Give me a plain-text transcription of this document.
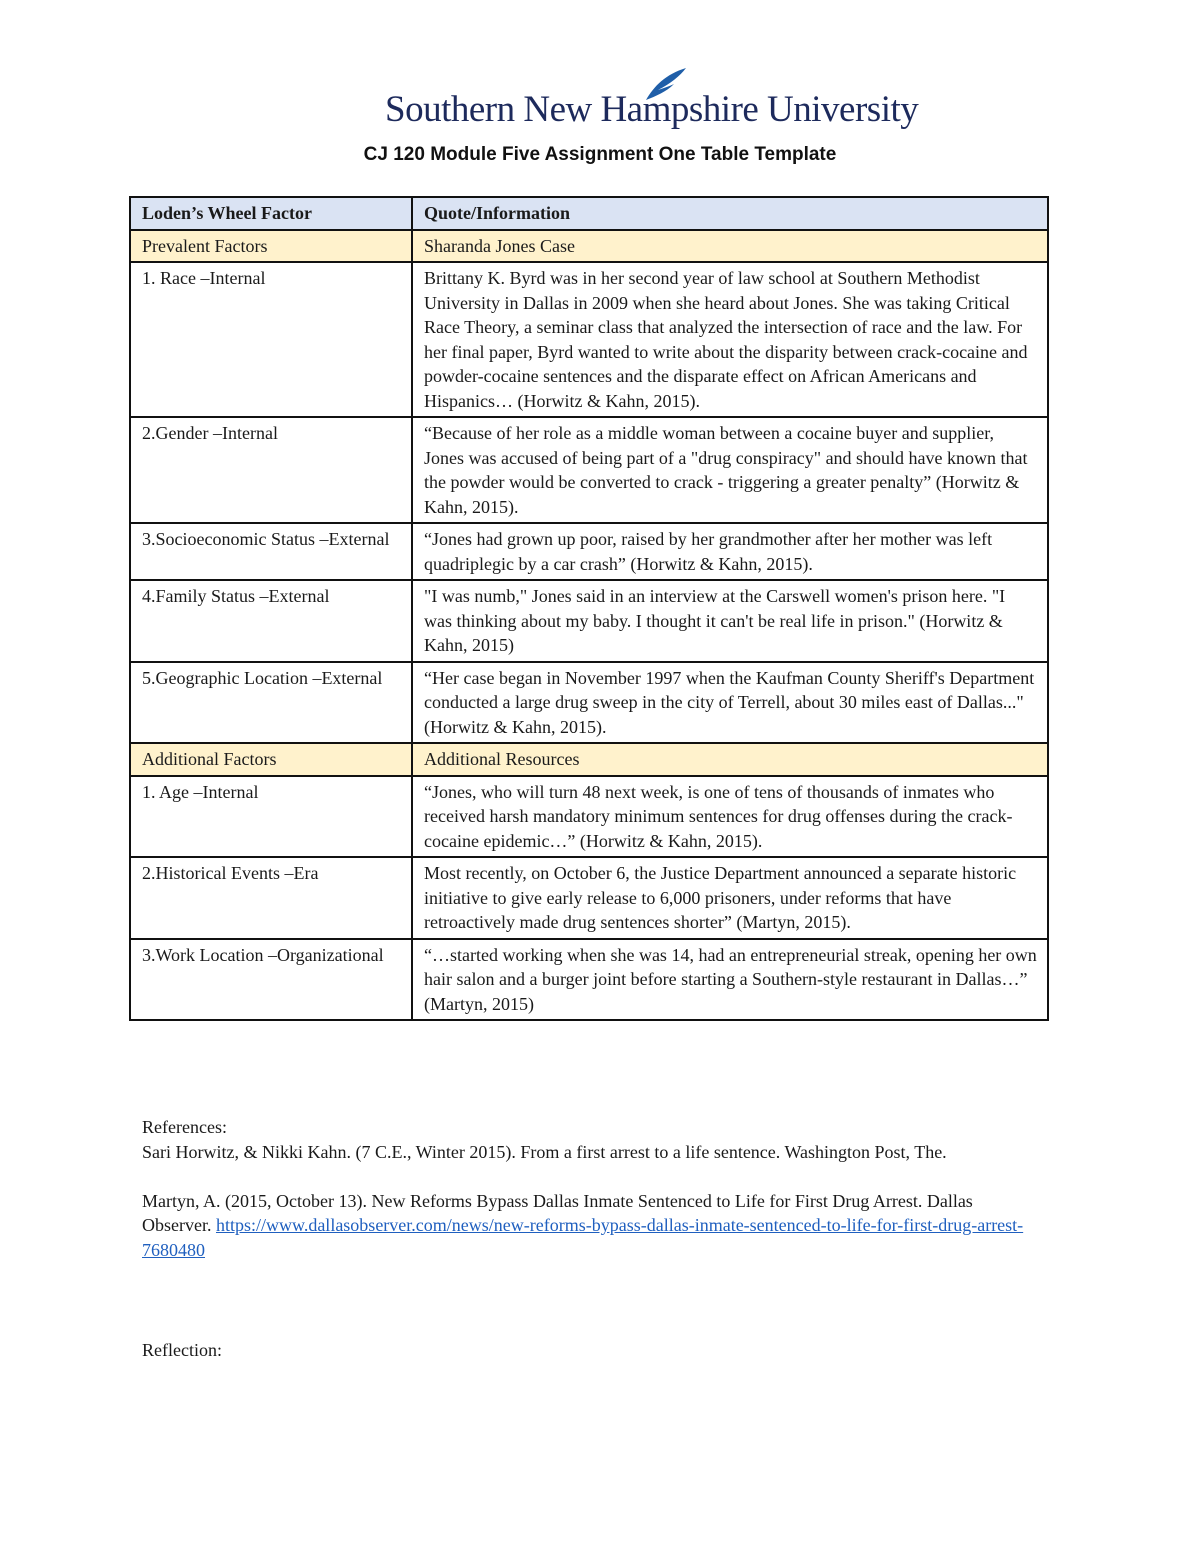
Southern New Hampshire University
CJ 120 Module Five Assignment One Table Template
Loden’s Wheel Factor	Quote/Information
Prevalent Factors	Sharanda Jones Case
1. Race –Internal	Brittany K. Byrd was in her second year of law school at Southern Methodist University in Dallas in 2009 when she heard about Jones. She was taking Critical Race Theory, a seminar class that analyzed the intersection of race and the law. For her final paper, Byrd wanted to write about the disparity between crack-cocaine and powder-cocaine sentences and the disparate effect on African Americans and Hispanics… (Horwitz & Kahn, 2015).
2.Gender –Internal	“Because of her role as a middle woman between a cocaine buyer and supplier, Jones was accused of being part of a "drug conspiracy" and should have known that the powder would be converted to crack - triggering a greater penalty” (Horwitz & Kahn, 2015).
3.Socioeconomic Status –External	“Jones had grown up poor, raised by her grandmother after her mother was left quadriplegic by a car crash” (Horwitz & Kahn, 2015).
4.Family Status –External	"I was numb," Jones said in an interview at the Carswell women's prison here. "I was thinking about my baby. I thought it can't be real life in prison." (Horwitz & Kahn, 2015)
5.Geographic Location –External	“Her case began in November 1997 when the Kaufman County Sheriff's Department conducted a large drug sweep in the city of Terrell, about 30 miles east of Dallas..." (Horwitz & Kahn, 2015).
Additional Factors	Additional Resources
1. Age –Internal	“Jones, who will turn 48 next week, is one of tens of thousands of inmates who received harsh mandatory minimum sentences for drug offenses during the crack-cocaine epidemic…” (Horwitz & Kahn, 2015).
2.Historical Events –Era	Most recently, on October 6, the Justice Department announced a separate historic initiative to give early release to 6,000 prisoners, under reforms that have retroactively made drug sentences shorter” (Martyn, 2015).
3.Work Location –Organizational	“…started working when she was 14, had an entrepreneurial streak, opening her own hair salon and a burger joint before starting a Southern-style restaurant in Dallas…” (Martyn, 2015)

References:

Sari Horwitz, & Nikki Kahn. (7 C.E., Winter 2015). From a first arrest to a life sentence. Washington Post, The.

Martyn, A. (2015, October 13). New Reforms Bypass Dallas Inmate Sentenced to Life for First Drug Arrest. Dallas Observer. https://www.dallasobserver.com/news/new-reforms-bypass-dallas-inmate-sentenced-to-life-for-first-drug-arrest-7680480

Reflection:
